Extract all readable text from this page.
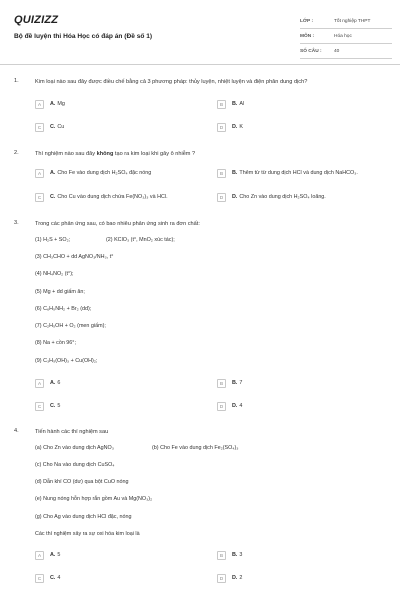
QUIZIZZ
Bộ đề luyện thi Hóa Học có đáp án (Đề số 1)
LỚP :	Tốt nghiệp THPT
MÔN :	Hóa học
SỐ CÂU :	40
1.	Kim loại nào sau đây được điều chế bằng cả 3 phương pháp: thủy luyện, nhiệt luyện và điện phân dung dịch?
A	A. Mg	B	B. Al
C	C. Cu	D	D. K
2.	Thí nghiệm nào sau đây không tạo ra kim loại khi gây ô nhiễm ?
A	A. Cho Fe vào dung dịch H₂SO₄ đặc nóng	B	B. Thêm từ từ dung dịch HCl và dung dịch NaHCO₃.
C	C. Cho Cu vào dung dịch chứa Fe(NO₃)₃ và HCl.	D	D. Cho Zn vào dung dịch H₂SO₄ loãng.
3.	Trong các phản ứng sau, có bao nhiêu phản ứng sinh ra đơn chất:
(1) H₂S + SO₂;	(2) KClO₃ (t°, MnO₂ xúc tác);
(3) CH₃CHO + dd AgNO₃/NH₃, t°
(4) NH₄NO₂ (t°);
(5) Mg + dd giấm ăn;
(6) C₆H₅NH₂ + Br₂ (dd);
(7) C₂H₅OH + O₂ (men giấm);
(8) Na + cồn 96°;
(9) C₃H₅(OH)₃ + Cu(OH)₂;
A	A. 6	B	B. 7
C	C. 5	D	D. 4
4.	Tiến hành các thí nghiệm sau
(a) Cho Zn vào dung dịch AgNO₃	(b) Cho Fe vào dung dịch Fe₂(SO₄)₃
(c) Cho Na vào dung dịch CuSO₄
(d) Dẫn khí CO (dư) qua bột CuO nóng
(e) Nung nóng hỗn hợp rắn gồm Au và Mg(NO₃)₂
(g) Cho Ag vào dung dịch HCl đặc, nóng
Các thí nghiệm xảy ra sự oxi hóa kim loại là
A	A. 5	B	B. 3
C	C. 4	D	D. 2
